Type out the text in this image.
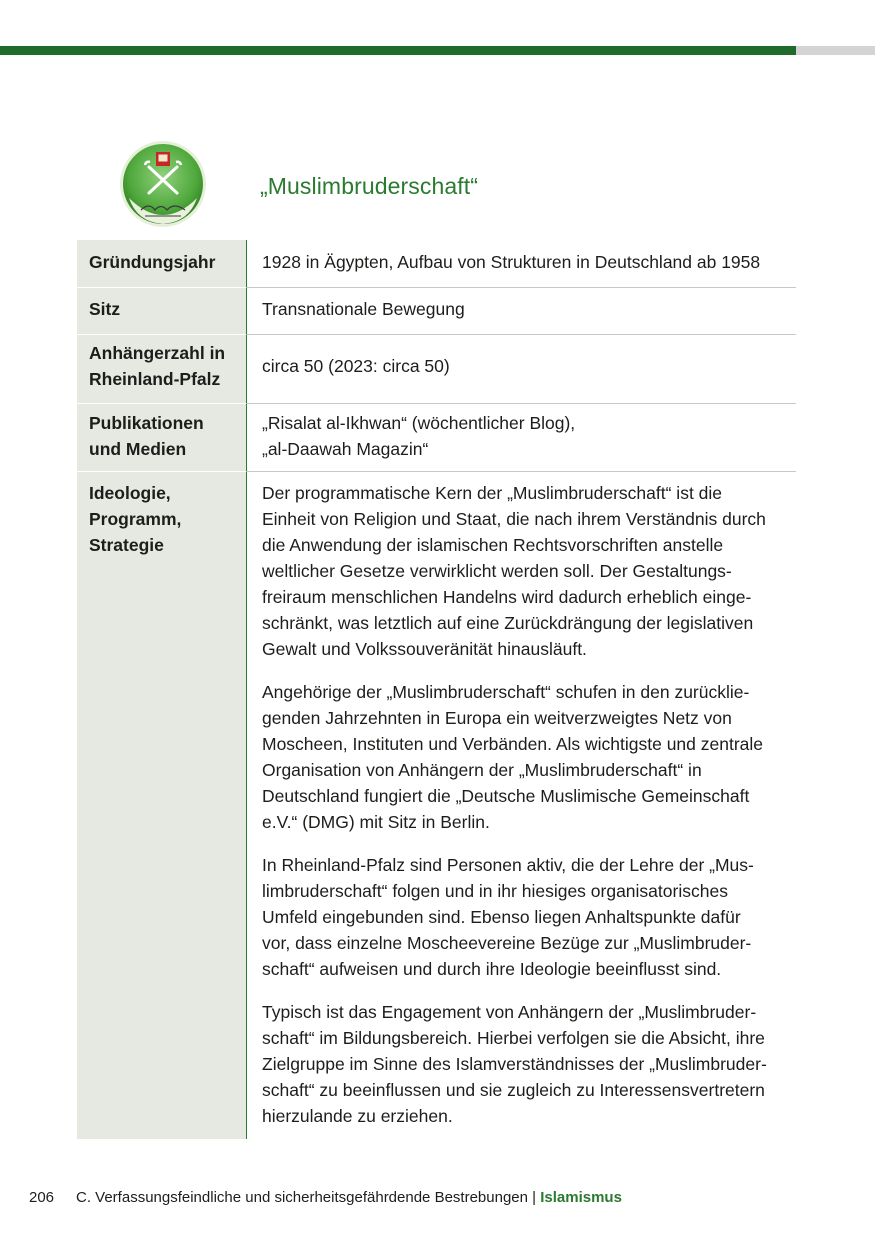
„Muslimbruderschaft“
Gründungsjahr	1928 in Ägypten, Aufbau von Strukturen in Deutschland ab 1958
Sitz	Transnationale Bewegung
Anhängerzahl in
Rheinland-Pfalz
circa 50 (2023: circa 50)
Publikationen
und Medien
„Risalat al-Ikhwan“ (wöchentlicher Blog),
„al-Daawah Magazin“
Ideologie,
Programm,
Strategie
Der programmatische Kern der „Muslimbruderschaft“ ist die
Einheit von Religion und Staat, die nach ihrem Verständnis durch
die Anwendung der islamischen Rechtsvorschriften anstelle
weltlicher Gesetze verwirklicht werden soll. Der Gestaltungs-
freiraum menschlichen Handelns wird dadurch erheblich einge-
schränkt, was letztlich auf eine Zurückdrängung der legislativen
Gewalt und Volkssouveränität hinausläuft.
Angehörige der „Muslimbruderschaft“ schufen in den zurücklie-
genden Jahrzehnten in Europa ein weitverzweigtes Netz von
Moscheen, Instituten und Verbänden. Als wichtigste und zentrale
Organisation von Anhängern der „Muslimbruderschaft“ in
Deutschland fungiert die „Deutsche Muslimische Gemeinschaft
e.V.“ (DMG) mit Sitz in Berlin.
In Rheinland-Pfalz sind Personen aktiv, die der Lehre der „Mus-
limbruderschaft“ folgen und in ihr hiesiges organisatorisches
Umfeld eingebunden sind. Ebenso liegen Anhaltspunkte dafür
vor, dass einzelne Moscheevereine Bezüge zur „Muslimbruder-
schaft“ aufweisen und durch ihre Ideologie beeinflusst sind.
Typisch ist das Engagement von Anhängern der „Muslimbruder-
schaft“ im Bildungsbereich. Hierbei verfolgen sie die Absicht, ihre
Zielgruppe im Sinne des Islamverständnisses der „Muslimbruder-
schaft“ zu beeinflussen und sie zugleich zu Interessensvertretern
hierzulande zu erziehen.
206 C. Verfassungsfeindliche und sicherheitsgefährdende Bestrebungen | Islamismus
